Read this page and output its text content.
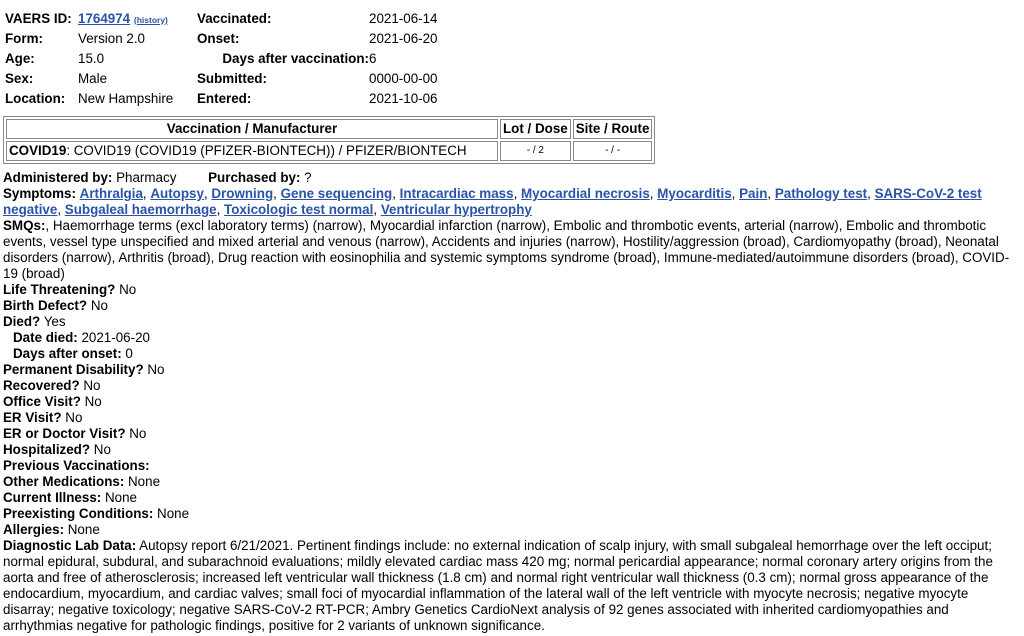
VAERS ID:	1764974 (history)	Vaccinated:	2021-06-14
Form:	Version 2.0	Onset:	2021-06-20
Age:	15.0	Days after vaccination:	6
Sex:	Male	Submitted:	0000-00-00
Location:	New Hampshire	Entered:	2021-10-06
Vaccination / Manufacturer	Lot / Dose	Site / Route
COVID19: COVID19 (COVID19 (PFIZER-BIONTECH)) / PFIZER/BIONTECH	- / 2	- / -

Administered by: Pharmacy Purchased by: ?

Symptoms: Arthralgia, Autopsy, Drowning, Gene sequencing, Intracardiac mass, Myocardial necrosis, Myocarditis, Pain, Pathology test, SARS-CoV-2 test negative, Subgaleal haemorrhage, Toxicologic test normal, Ventricular hypertrophy

SMQs:, Haemorrhage terms (excl laboratory terms) (narrow), Myocardial infarction (narrow), Embolic and thrombotic events, arterial (narrow), Embolic and thrombotic events, vessel type unspecified and mixed arterial and venous (narrow), Accidents and injuries (narrow), Hostility/aggression (broad), Cardiomyopathy (broad), Neonatal disorders (narrow), Arthritis (broad), Drug reaction with eosinophilia and systemic symptoms syndrome (broad), Immune-mediated/autoimmune disorders (broad), COVID-19 (broad)

Life Threatening? No

Birth Defect? No

Died? Yes

Date died: 2021-06-20

Days after onset: 0

Permanent Disability? No

Recovered? No

Office Visit? No

ER Visit? No

ER or Doctor Visit? No

Hospitalized? No

Previous Vaccinations:

Other Medications: None

Current Illness: None

Preexisting Conditions: None

Allergies: None

Diagnostic Lab Data: Autopsy report 6/21/2021. Pertinent findings include: no external indication of scalp injury, with small subgaleal hemorrhage over the left occiput; normal epidural, subdural, and subarachnoid evaluations; mildly elevated cardiac mass 420 mg; normal pericardial appearance; normal coronary artery origins from the aorta and free of atherosclerosis; increased left ventricular wall thickness (1.8 cm) and normal right ventricular wall thickness (0.3 cm); normal gross appearance of the endocardium, myocardium, and cardiac valves; small foci of myocardial inflammation of the lateral wall of the left ventricle with myocyte necrosis; negative myocyte disarray; negative toxicology; negative SARS-CoV-2 RT-PCR; Ambry Genetics CardioNext analysis of 92 genes associated with inherited cardiomyopathies and arrhythmias negative for pathologic findings, positive for 2 variants of unknown significance.
